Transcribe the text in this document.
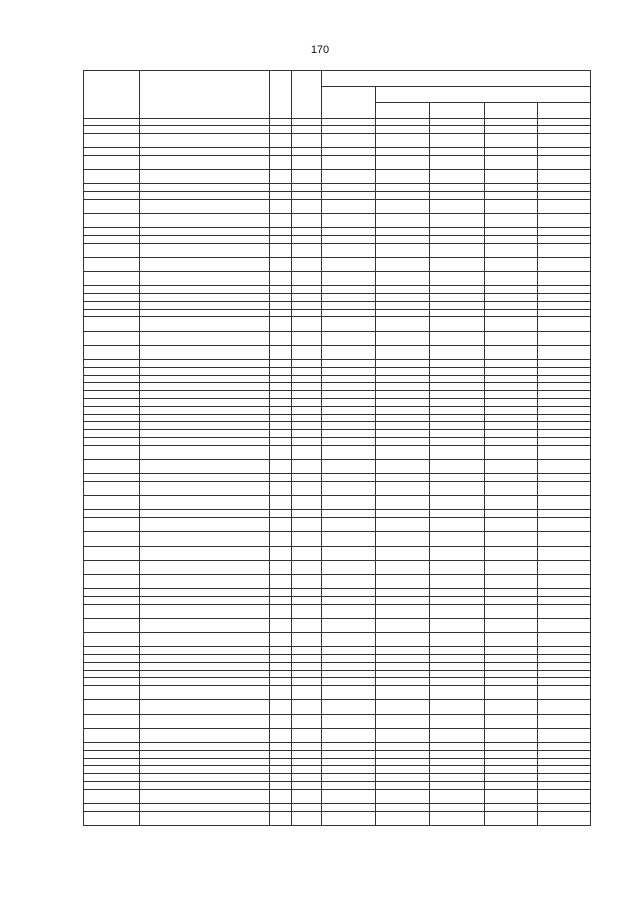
170
